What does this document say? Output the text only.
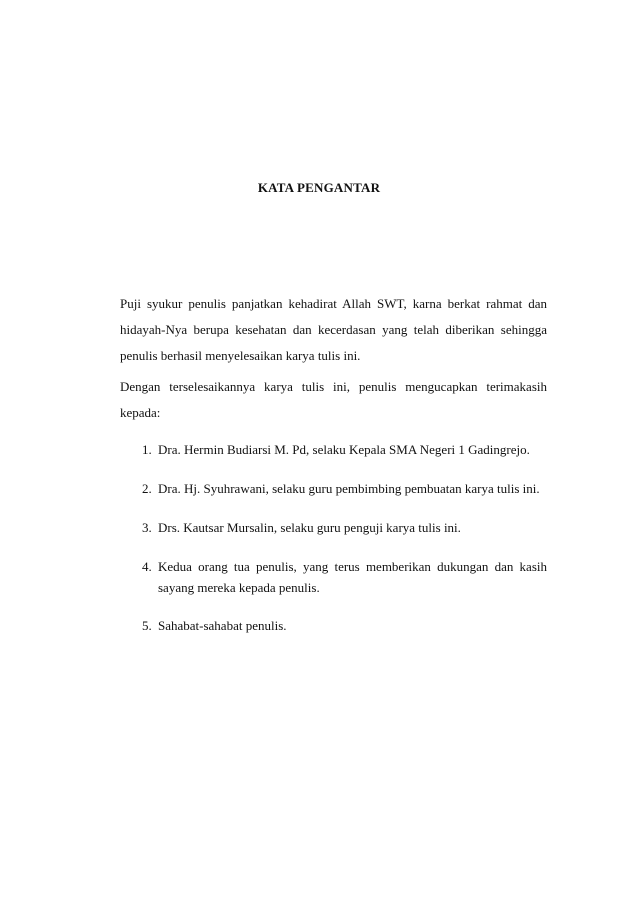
KATA PENGANTAR
Puji syukur penulis panjatkan kehadirat Allah SWT, karna berkat rahmat dan hidayah-Nya berupa kesehatan dan kecerdasan yang telah diberikan sehingga penulis berhasil menyelesaikan karya tulis ini.
Dengan terselesaikannya karya tulis ini, penulis mengucapkan terimakasih kepada:
1. Dra. Hermin Budiarsi M. Pd, selaku Kepala SMA Negeri 1 Gadingrejo.
2. Dra. Hj. Syuhrawani, selaku guru pembimbing pembuatan karya tulis ini.
3. Drs. Kautsar Mursalin, selaku guru penguji karya tulis ini.
4. Kedua orang tua penulis, yang terus memberikan dukungan dan kasih sayang mereka kepada penulis.
5. Sahabat-sahabat penulis.
